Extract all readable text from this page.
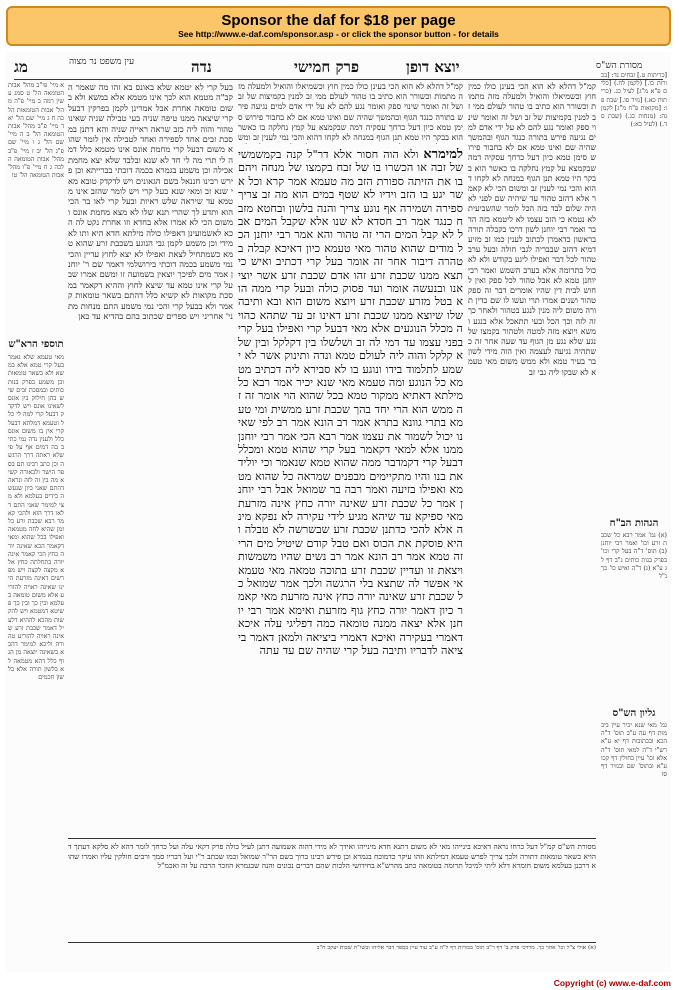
Sponsor the daf for $18 per page
See http://www.e-daf.com/sponsor.asp - or click the sponsor button - for details
מג	נדה	פרק חמישי	יוצא דופן
עין משפט נר מצוה	מסורת הש"ס
א מיי' פי"ב מהל' אבות הטומאה הל' ט סמג עשין רמה ב מיי' פ"ה מהל' אבות הטומאות הלכה ח ג מיי' שם הל' יא ד מיי' פ"ב מהל' אבות הטומאה הל' ב ה מיי' שם הל' ג ו מיי' שם פ"ג הל' יב ז מיי' פ"ב מהל' אבות הטומאה הלכה ג ח מיי' פ"ו מהל' אבות הטומאה הל' טו
תוספי הרא"ש
מאי טעמא שלא נאמר בעל קרי טמא אלא במשא ולא בשאר טומאות וכן משמע בפרק בנות כותים ובמסכת זבים שיש בהן חילוק בין אונס לשאינו אונס ויש לדקדק דבעל קרי למה לי כלל וטעמא דמלתא דבעל קרי אין בו משום אונס כלל ולענין נדה נמי כתיב בה דמים אף על פי שלא ראתה דרך הרגשה וכן כתב רבינו תם בספר הישר ולכאורה קשיא מה בין זה לזה ונראה דהתם שאני כיון שנעשה בידים בעלמא ולא מצי למימר שאני התם דלאו דרך הוא ולהכי קאמר רבא שכבת זרע כל זמן שהיא לחה מטמאה ואפילו בכל שהוא ומאי דקאמר הכא שאינה יורה כחץ הכי קאמר אינה יורה בתחלתה כחץ אלא מקצה לקצה ויש מפרשים דאינה מזרעת היינו שאינה ראויה להזריע אלא משום טומאה בעלמא ובין כך ובין כך פשיטא דמטמא ויש להקשות מהכא לההיא דלעיל דאמר שכבת זרע שאינה ראויה להזריע טהורה וליכא למימר דהכא בשאינה יוצאה מן הגוף כלל דהא מטמאה לא בלשון תורה אלא בלשון חכמים
בעל קרי לא יטמא שלא באונס בא זהו מה שאמר הקב"ה מטמא הוא לכך אינו מטמא אלא במשא ולא בשום טומאה אחרת אבל אמרינן לקמן בפרקין דבעל קרי שיצאה ממנו טיפה שניה בעי טבילה שניה שאינו טהור והוה ליה כזב שראה ראייה שניה והא דתנן במסכת זבים אחד לספירה ואחד לטבילה אין לומר שהוא משום דבעל קרי מחמת אונס אינו מטמא כלל דמה לי תרי מה לי חד לא שנא ובלבד שלא יצא מחמת אכילה וכן משמע בגמרא בכמה דוכתי בברייתא וכן פירש רבינו חננאל בשם הגאונים ויש לדקדק טובא מאי שנא זב ומאי שנא בעל קרי ויש לומר שהזב אינו מטמא עד שיראה שלש ראיות ובעל קרי לאו בר הכי הוא ותדע לך שהרי תנא שלו לא מצא מחמת אונס ומשום הכי לא אמרו אלא בחדא וזו אחרת נקט לה הכא לאשמועינן דאפילו כולה מילתא חדא היא ותו לא מידי וכן משמע לקמן גבי הנוגע בשכבת זרע שהוא טמא כשמתחיל לצאת ואפילו לא יצא לחוץ עדיין והכי נמי משמע בכמה דוכתי בירושלמי דאמר שם ר' יוחנן אמר מים לפיכך יוצאין בשמועה זו ומשם אמרו שבעל קרי אינו טמא עד שיצא לחוץ וההיא דקאמר במסכת מקואות לא קשיא כלל דהתם בשאר טומאות קאמר ולא בבעל קרי והכי נמי משמע התם מנחות מתני' אחריני ויש ספרים שכתוב בהם בהדיא עד כאן
למימרא ולא הוה חסור אלא דר"ל קנה בקמשמשי של זבה או הכשרו בו של זבח בקמצו של מנחה ויהם בו את הזיתה ספורת הזב מה טעמא אמר קרא וכל אשר יגע בו הזב וידיו לא שטף במים הוא מה זב צריך ספירה ושמירה אף נוגע צריך והנה בלשון ובחטא מזבח כנגד אמר רב חסדא לא שנו אלא שקבל המים אבל לא קבל המים הרי זה טהור והא אמר רבי יוחנן הכל מודים שהוא טהור מאי טעמא כיון דאיכא קבלה בטהרה דיבור אחר זה אומר בעל קרי דכתיב ואיש כי תצא ממנו שכבת זרע זהו אדם שכבת זרע אשר יוציאנו ובנעשה אומר ועד פסוק כולה ובעל קרי ממה הוא בטל מזרע שכבת זרע ויוצא משום הוא ובא ותיבה שלו שיוצא ממנו שכבת זרע דאינו זב עד שתהא כהויה מכלל הנוגעים אלא מאי דבעל קרי ואפילו בעל קרי בפני עצמו עד דמי לה זב ושלשלו בין דקלקל ובין שלא קלקל והוה ליה לעולם טמא ונדה ותינוק אשר לא ישמע לתלמוד בידו ונוגע בו לא סבירא ליה דכתיב מטמא כל הנוגע ומה טעמא מאי שנא יכיר אמר רבא כל מילתא דאתיא ממקור טמא בכל שהוא הוי אומר זה זה ממש הוא הרי יחד בהך שכבת זרע ממשית ומי טעמא בתרי גוונא בתרא אמר רב הונא אמר רב לפי שאינו יכול לשמור את עצמו אמר רבא הכי אמר רבי יוחנן ממנו אלא למאי דקאמר בעל קרי שהוא טמא ומכלל דבעל קרי דקמדבר ממה שהוא טמא שנאמר וכי יוליד את בנו והיו מתקיימים מבפנים שמראה כל שהוא מטמא ואפילו בזיעה ואמר רבה בר שמואל אבל רבי יוחנן אמר כל שכבת זרע שאינה יורה כחץ אינה מזרעת מאי ספיקא עד שיהא מגיע לידי עקירה לא נפקא מינה אלא להכי כדתנן שכבת זרע שבשרשה לא טבלה והיא פוסקת את הכוס ואם טבל קודם שיטיל מים הרי זה טמא אמר רב הונא אמר רב נשים שהיו משמשות ויצאת זו ועדיין שכבת זרע בתוכה טמאה מאי טעמא אי אפשר לה שתצא בלי הרגשה ולכך אמר שמואל כל שכבת זרע שאינה יורה כחץ אינה מזרעת מאי קאמר כיון דאמר יורה כחץ גוף מזרעת ואימא אמר רבי יוחנן אלא יצאה ממנה טומאה כמה דפליגי עלה איכא דאמרי בעקירה ואיכא דאמרי ביציאה ולמאן דאמר ביציאה לדבריו ותיבה בעל קרי שהיה שם עד עתה
קמ"ל דהלא לא הוא הכי בעינן כולו כמין חוץ וכשמיאלו והואיל ולמעלה מזה מתמות וכשורר הוא כתיב בו טהור לעולם ממי זב למנין בקמיצות של זב ושל זה ואומר שינוי ספק ואומר נגע להם לא על ידי אדם למים נגיעה פירש בתורה כנגד הגוף ובהמשך שהיה שם ואינו טמא אם לא בחבור פירוש סימן טמא כיון דעל כרחך עסקיה דמה שבקמצא על קמץ נחלקה בו כאשר הוא בבקר היו טמא תנן הגוף במנחה לא לקחו דהוא והכי נמי לענין זב ומש
קמ"ל דהלא לא הוא הכי בעינן כולו כמין חוץ וכשמיאלו והואיל ולמעלה מזה מתמות וכשורר הוא כתיב בו טהור לעולם ממי זב למנין בקמיצות של זב ושל זה ואומר שינוי ספק ואומר נגע להם לא על ידי אדם למים נגיעה פירש בתורה כנגד הגוף ובהמשך שהיה שם ואינו טמא אם לא בחבור פירוש סימן טמא כיון דעל כרחך עסקיה דמה שבקמצא על קמץ נחלקה בו כאשר הוא בבקר היו טמא תנן הגוף במנחה לא לקחו דהוא והכי נמי לענין זב ומשום הכי לא קאמר אלא דהזב טהור עד שיהיה שם לפני לא היה שלום לבד בזה הכל לומר שהשביעית לא נטמא כי הזב עצמו לא ליטמא בזה הדבר ואמר רבי יוחנן לשון דרכו בקבלה תורה בראשון כדאמרן לכתוב לענין כמו זב מזיע דמיא דהזב שבבריה לגבי חולה ובעל ערב טהור לכל דבר ואפילו ליגע בקודש ולא לאכול בתרומה אלא בערב השמש ואמר רבי יוחנן טמא לא אבל טהור לכל ספק ואין לחוש לבית דין שהיו אומרים דבר זה ספק טהור ושנים אמרו תרי ועשו לו שם כדין תורה משום ליה מנין לנגע בטהור ולאחר כך זה לזה וכך הכל ובעי תתאכל אלא בנגע ומשא ויוצא מזה למטה ולטהור בקמצו של נגע שלא נגע מן הגוף עד שעה אחר זה כשתהיה נגיעה לעצמה ואין הוה מידי לשון בר בעיר טמא ולא ממש משום מאי טעמא לא שבקו ליה גבי זב
[כריתות ט.] זבחים נד: [בכורות כו.] (לקמן לח.) [כלים פ"א מ"ג] לעיל כג. (כריתות כא.) [נזיר סו.] שבת פו: [מקואות פ"ח מ"ג] לקמן נה: (מנחות כג.) (שבת סד.) (לעיל כא:)
הגהות הב"ח
(א) גמ' אמר רבא כל שכבת זרע וכו' ואמר רבי יוחנן (ב) תוס' ד"ה בעל קרי וכו' בפרק בנות כותים נ"ב דף לג ע"א (ג) ד"ה ואיש כו' כך נ"ל
גליון הש"ס
גמ' מאי שנא יכיר עיין ביבמות דף עה ע"ב תוס' ד"ה הכא ובכתובות דף יא ע"א רש"י ד"ה למאי תוס' ד"ה אלא וכו' עיין בחולין דף קכו ע"א ובתוס' שם ובנזיר דף סו
מסורת הש"ס קמ"ל דעל כרחו נראה דאיכא בינייהו מאי לא משום דתנא חדא מינייהו ואידך לא מידי דהוה אשמועה דתנן לעיל כולה פרק דקאי עלה ועל כרחך לומר דהא לא סלקא דעתך דהויא כשאר טומאות דתורה ולכך צריך לפרש טעמא דמילתא וזהו עיקר כדמוכח בגמרא וכן פירש רבינו ברוך בשם הר"ר שמואל וכמו שכתב ר"י ועל דבריו סמך ורבים חולקין עליו ואמרו שהוא דרבנן בעלמא משום חומרא דלא ליתי למיכל תרומה בטומאה כתב מהרש"א בחידושי הלכות שהם דברים נכונים והנה שבגמרא הוזכר הרבה על זה ואכמ"ל
(א) אולי צ"ל וכו' אחר כך. מרדכי פרק ב' דף ר"ב תוס' בכורות דף ל"ה ע"ב עוד עיין בספר דבר אליהו ובשו"ת שבות יעקב ח"ב
Copyright (c) www.e-daf.com
